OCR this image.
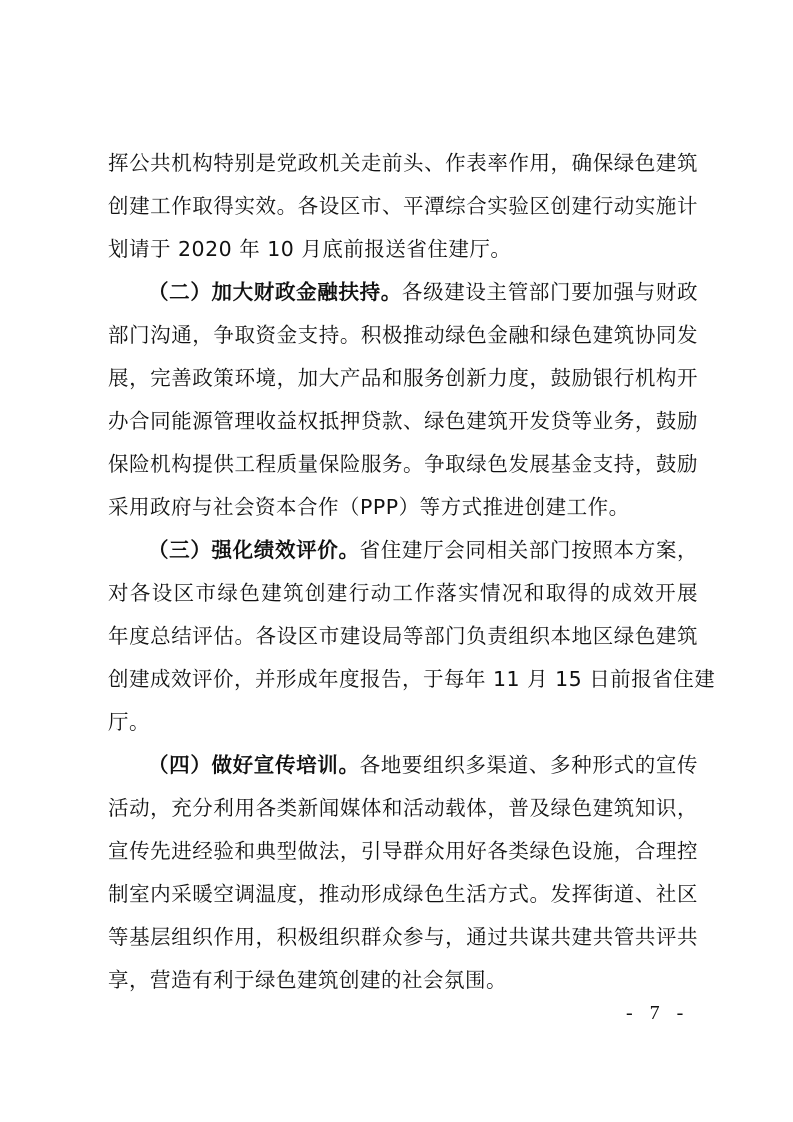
挥公共机构特别是党政机关走前头、作表率作用，确保绿色建筑
创建工作取得实效。各设区市、平潭综合实验区创建行动实施计
划请于 2020 年 10 月底前报送省住建厅。
（二）加大财政金融扶持。各级建设主管部门要加强与财政
部门沟通，争取资金支持。积极推动绿色金融和绿色建筑协同发
展，完善政策环境，加大产品和服务创新力度，鼓励银行机构开
办合同能源管理收益权抵押贷款、绿色建筑开发贷等业务，鼓励
保险机构提供工程质量保险服务。争取绿色发展基金支持，鼓励
采用政府与社会资本合作（PPP）等方式推进创建工作。
（三）强化绩效评价。省住建厅会同相关部门按照本方案，
对各设区市绿色建筑创建行动工作落实情况和取得的成效开展
年度总结评估。各设区市建设局等部门负责组织本地区绿色建筑
创建成效评价，并形成年度报告，于每年 11 月 15 日前报省住建
厅。
（四）做好宣传培训。各地要组织多渠道、多种形式的宣传
活动，充分利用各类新闻媒体和活动载体，普及绿色建筑知识，
宣传先进经验和典型做法，引导群众用好各类绿色设施，合理控
制室内采暖空调温度，推动形成绿色生活方式。发挥街道、社区
等基层组织作用，积极组织群众参与，通过共谋共建共管共评共
享，营造有利于绿色建筑创建的社会氛围。
- 7 -
